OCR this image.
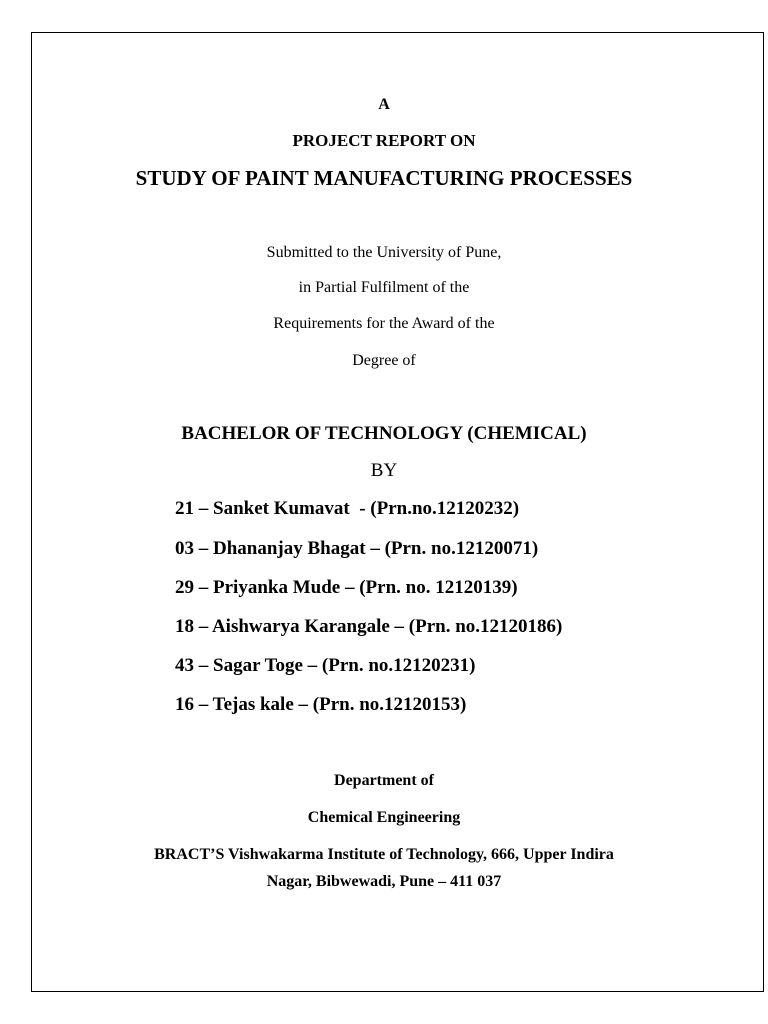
A
PROJECT REPORT ON
STUDY OF PAINT MANUFACTURING PROCESSES
Submitted to the University of Pune,
in Partial Fulfilment of the
Requirements for the Award of the
Degree of
BACHELOR OF TECHNOLOGY (CHEMICAL)
BY
21 – Sanket Kumavat  - (Prn.no.12120232)
03 – Dhananjay Bhagat – (Prn. no.12120071)
29 – Priyanka Mude – (Prn. no. 12120139)
18 – Aishwarya Karangale – (Prn. no.12120186)
43 – Sagar Toge – (Prn. no.12120231)
16 – Tejas kale – (Prn. no.12120153)
Department of
Chemical Engineering
BRACT’S Vishwakarma Institute of Technology, 666, Upper Indira
Nagar, Bibwewadi, Pune – 411 037
